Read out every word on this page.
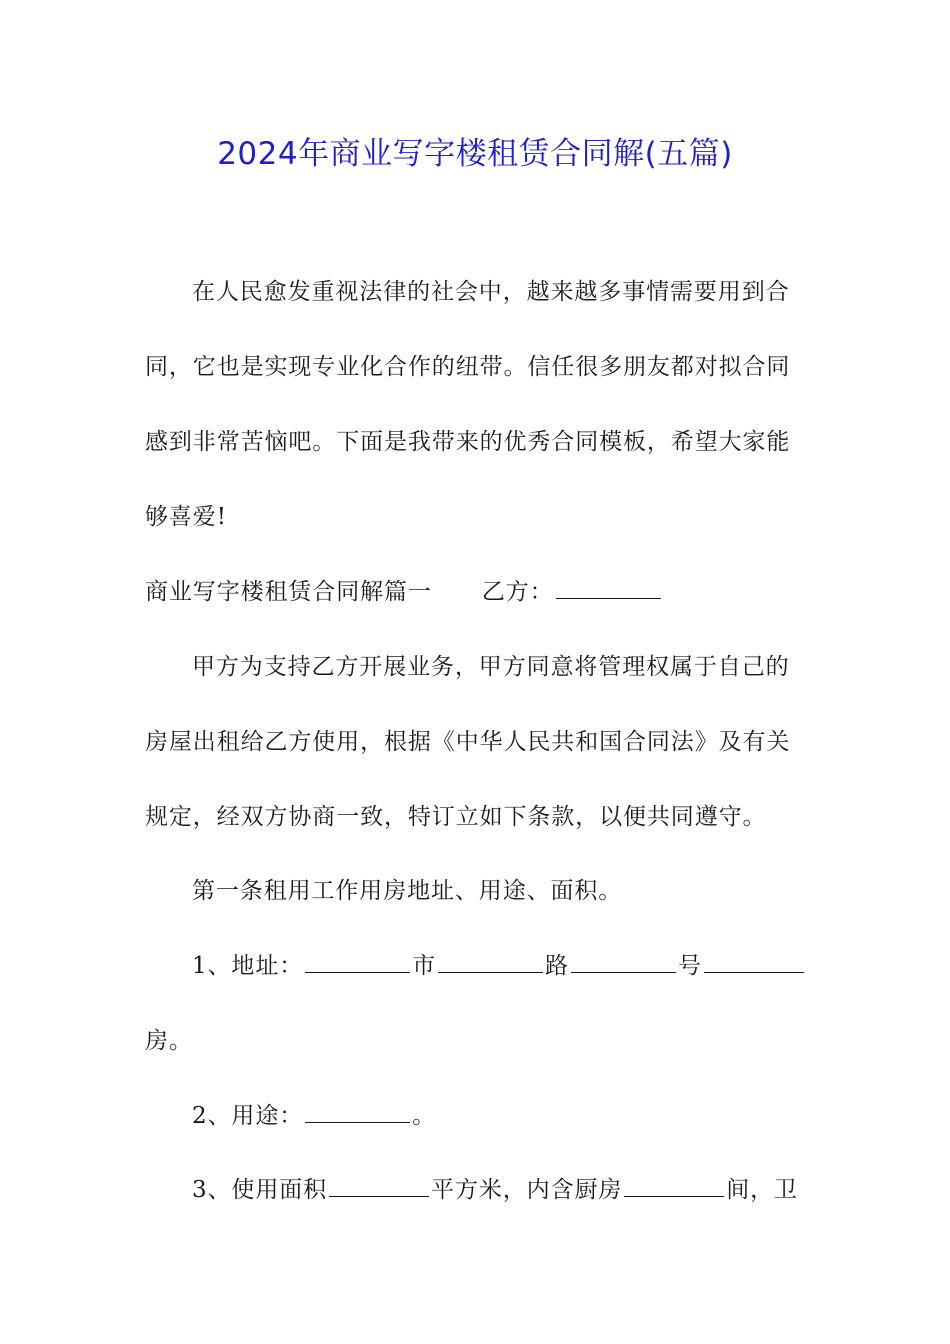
2024年商业写字楼租赁合同解(五篇)
在人民愈发重视法律的社会中，越来越多事情需要用到合
同，它也是实现专业化合作的纽带。信任很多朋友都对拟合同
感到非常苦恼吧。下面是我带来的优秀合同模板，希望大家能
够喜爱!
商业写字楼租赁合同解篇一 乙方：
甲方为支持乙方开展业务，甲方同意将管理权属于自己的
房屋出租给乙方使用，根据《中华人民共和国合同法》及有关
规定，经双方协商一致，特订立如下条款，以便共同遵守。
第一条租用工作用房地址、用途、面积。
1、地址：	市	路	号
房。
2、用途：	。
3、使用面积	平方米，内含厨房	间，卫
